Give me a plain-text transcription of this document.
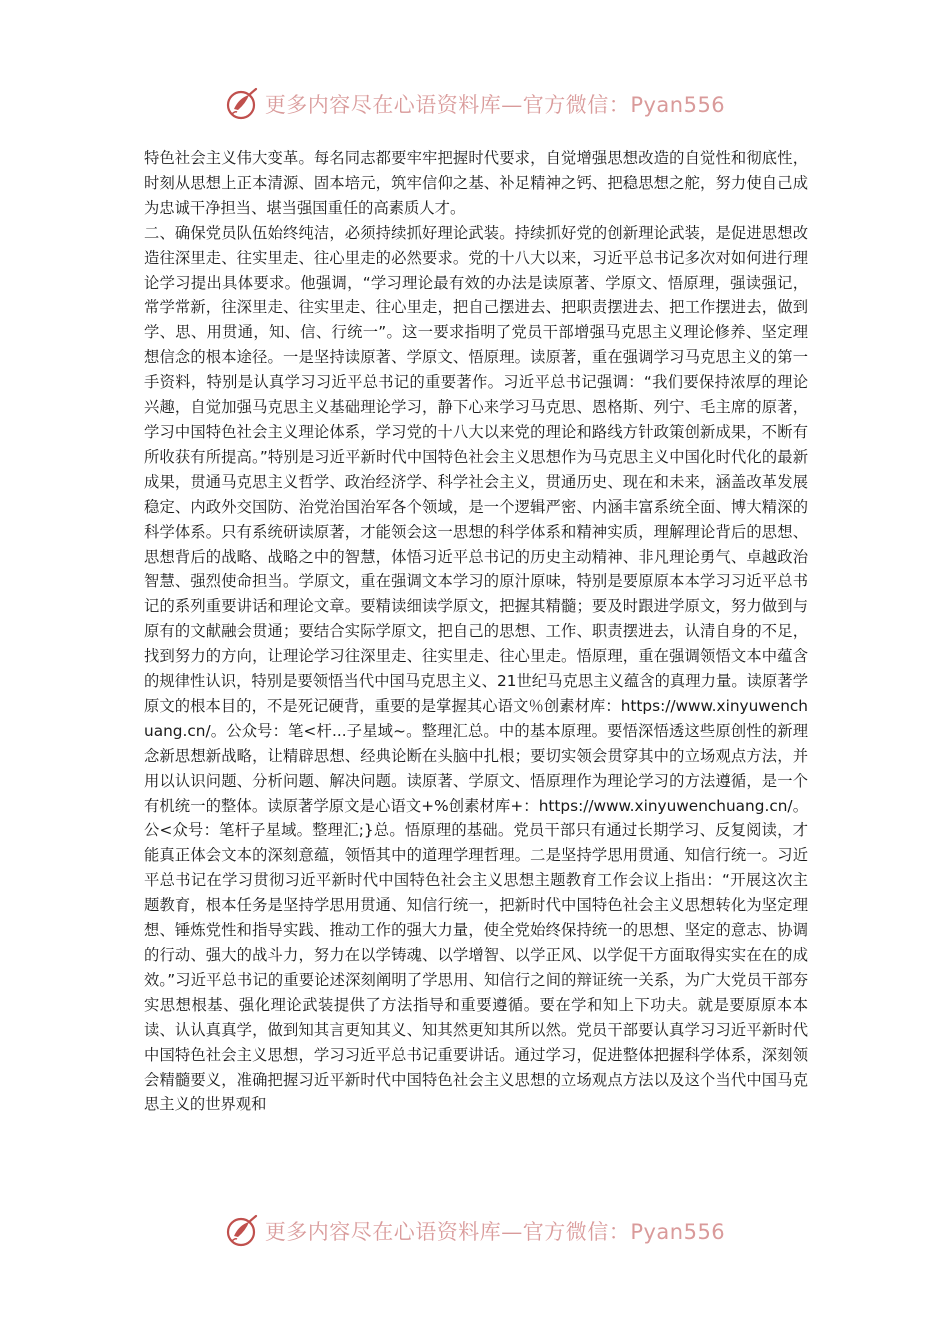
更多内容尽在心语资料库—官方微信：Pyan556

特色社会主义伟大变革。每名同志都要牢牢把握时代要求，自觉增强思想改造的自觉性和彻底性，时刻从思想上正本清源、固本培元，筑牢信仰之基、补足精神之钙、把稳思想之舵，努力使自己成为忠诚干净担当、堪当强国重任的高素质人才。

二、确保党员队伍始终纯洁，必须持续抓好理论武装。持续抓好党的创新理论武装，是促进思想改造往深里走、往实里走、往心里走的必然要求。党的十八大以来，习近平总书记多次对如何进行理论学习提出具体要求。他强调，“学习理论最有效的办法是读原著、学原文、悟原理，强读强记，常学常新，往深里走、往实里走、往心里走，把自己摆进去、把职责摆进去、把工作摆进去，做到学、思、用贯通，知、信、行统一”。这一要求指明了党员干部增强马克思主义理论修养、坚定理想信念的根本途径。一是坚持读原著、学原文、悟原理。读原著，重在强调学习马克思主义的第一手资料，特别是认真学习习近平总书记的重要著作。习近平总书记强调：“我们要保持浓厚的理论兴趣，自觉加强马克思主义基础理论学习，静下心来学习马克思、恩格斯、列宁、毛主席的原著，学习中国特色社会主义理论体系，学习党的十八大以来党的理论和路线方针政策创新成果，不断有所收获有所提高。”特别是习近平新时代中国特色社会主义思想作为马克思主义中国化时代化的最新成果，贯通马克思主义哲学、政治经济学、科学社会主义，贯通历史、现在和未来，涵盖改革发展稳定、内政外交国防、治党治国治军各个领域，是一个逻辑严密、内涵丰富系统全面、博大精深的科学体系。只有系统研读原著，才能领会这一思想的科学体系和精神实质，理解理论背后的思想、思想背后的战略、战略之中的智慧，体悟习近平总书记的历史主动精神、非凡理论勇气、卓越政治智慧、强烈使命担当。学原文，重在强调文本学习的原汁原味，特别是要原原本本学习习近平总书记的系列重要讲话和理论文章。要精读细读学原文，把握其精髓；要及时跟进学原文，努力做到与原有的文献融会贯通；要结合实际学原文，把自己的思想、工作、职责摆进去，认清自身的不足，找到努力的方向，让理论学习往深里走、往实里走、往心里走。悟原理，重在强调领悟文本中蕴含的规律性认识，特别是要领悟当代中国马克思主义、21世纪马克思主义蕴含的真理力量。读原著学原文的根本目的，不是死记硬背，重要的是掌握其心语文％创素材库：https://www.xinyuwenchuang.cn/。公众号：笔<杆...子星域~。整理汇总。中的基本原理。要悟深悟透这些原创性的新理念新思想新战略，让精辟思想、经典论断在头脑中扎根；要切实领会贯穿其中的立场观点方法，并用以认识问题、分析问题、解决问题。读原著、学原文、悟原理作为理论学习的方法遵循，是一个有机统一的整体。读原著学原文是心语文+%创素材库+：https://www.xinyuwenchuang.cn/。公<众号：笔杆子星域。整理汇;}总。悟原理的基础。党员干部只有通过长期学习、反复阅读，才能真正体会文本的深刻意蕴，领悟其中的道理学理哲理。二是坚持学思用贯通、知信行统一。习近平总书记在学习贯彻习近平新时代中国特色社会主义思想主题教育工作会议上指出：“开展这次主题教育，根本任务是坚持学思用贯通、知信行统一，把新时代中国特色社会主义思想转化为坚定理想、锤炼党性和指导实践、推动工作的强大力量，使全党始终保持统一的思想、坚定的意志、协调的行动、强大的战斗力，努力在以学铸魂、以学增智、以学正风、以学促干方面取得实实在在的成效。”习近平总书记的重要论述深刻阐明了学思用、知信行之间的辩证统一关系，为广大党员干部夯实思想根基、强化理论武装提供了方法指导和重要遵循。要在学和知上下功夫。就是要原原本本读、认认真真学，做到知其言更知其义、知其然更知其所以然。党员干部要认真学习习近平新时代中国特色社会主义思想，学习习近平总书记重要讲话。通过学习，促进整体把握科学体系，深刻领会精髓要义，准确把握习近平新时代中国特色社会主义思想的立场观点方法以及这个当代中国马克思主义的世界观和

更多内容尽在心语资料库—官方微信：Pyan556
